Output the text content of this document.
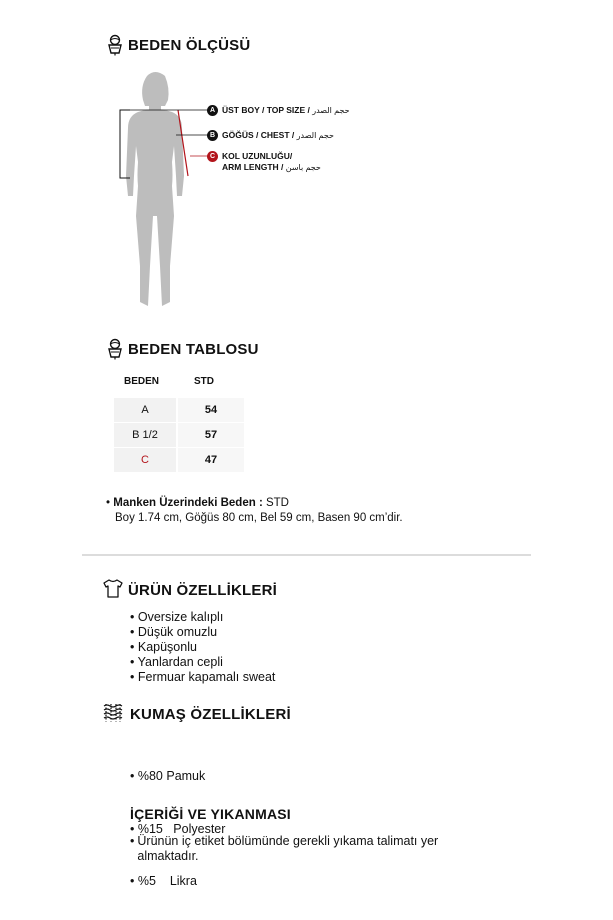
BEDEN ÖLÇÜSÜ
A ÜST BOY / TOP SIZE / حجم الصدر
B GÖĞÜS / CHEST / حجم الصدر
C KOL UZUNLUĞU/
ARM LENGTH / حجم باسن
BEDEN TABLOSU
BEDEN	STD
A	54
B 1/2	57
C	47
• Manken Üzerindeki Beden : STD
Boy 1.74 cm, Göğüs 80 cm, Bel 59 cm, Basen 90 cm’dir.
ÜRÜN ÖZELLİKLERİ
• Oversize kalıplı
• Düşük omuzlu
• Kapüşonlu
• Yanlardan cepli
• Fermuar kapamalı sweat
KUMAŞ ÖZELLİKLERİ

• %80 Pamuk

• %15   Polyester

• %5    Likra

İÇERİĞİ VE YIKANMASI
• Ürünün iç etiket bölümünde gerekli yıkama talimatı yer almaktadır.
